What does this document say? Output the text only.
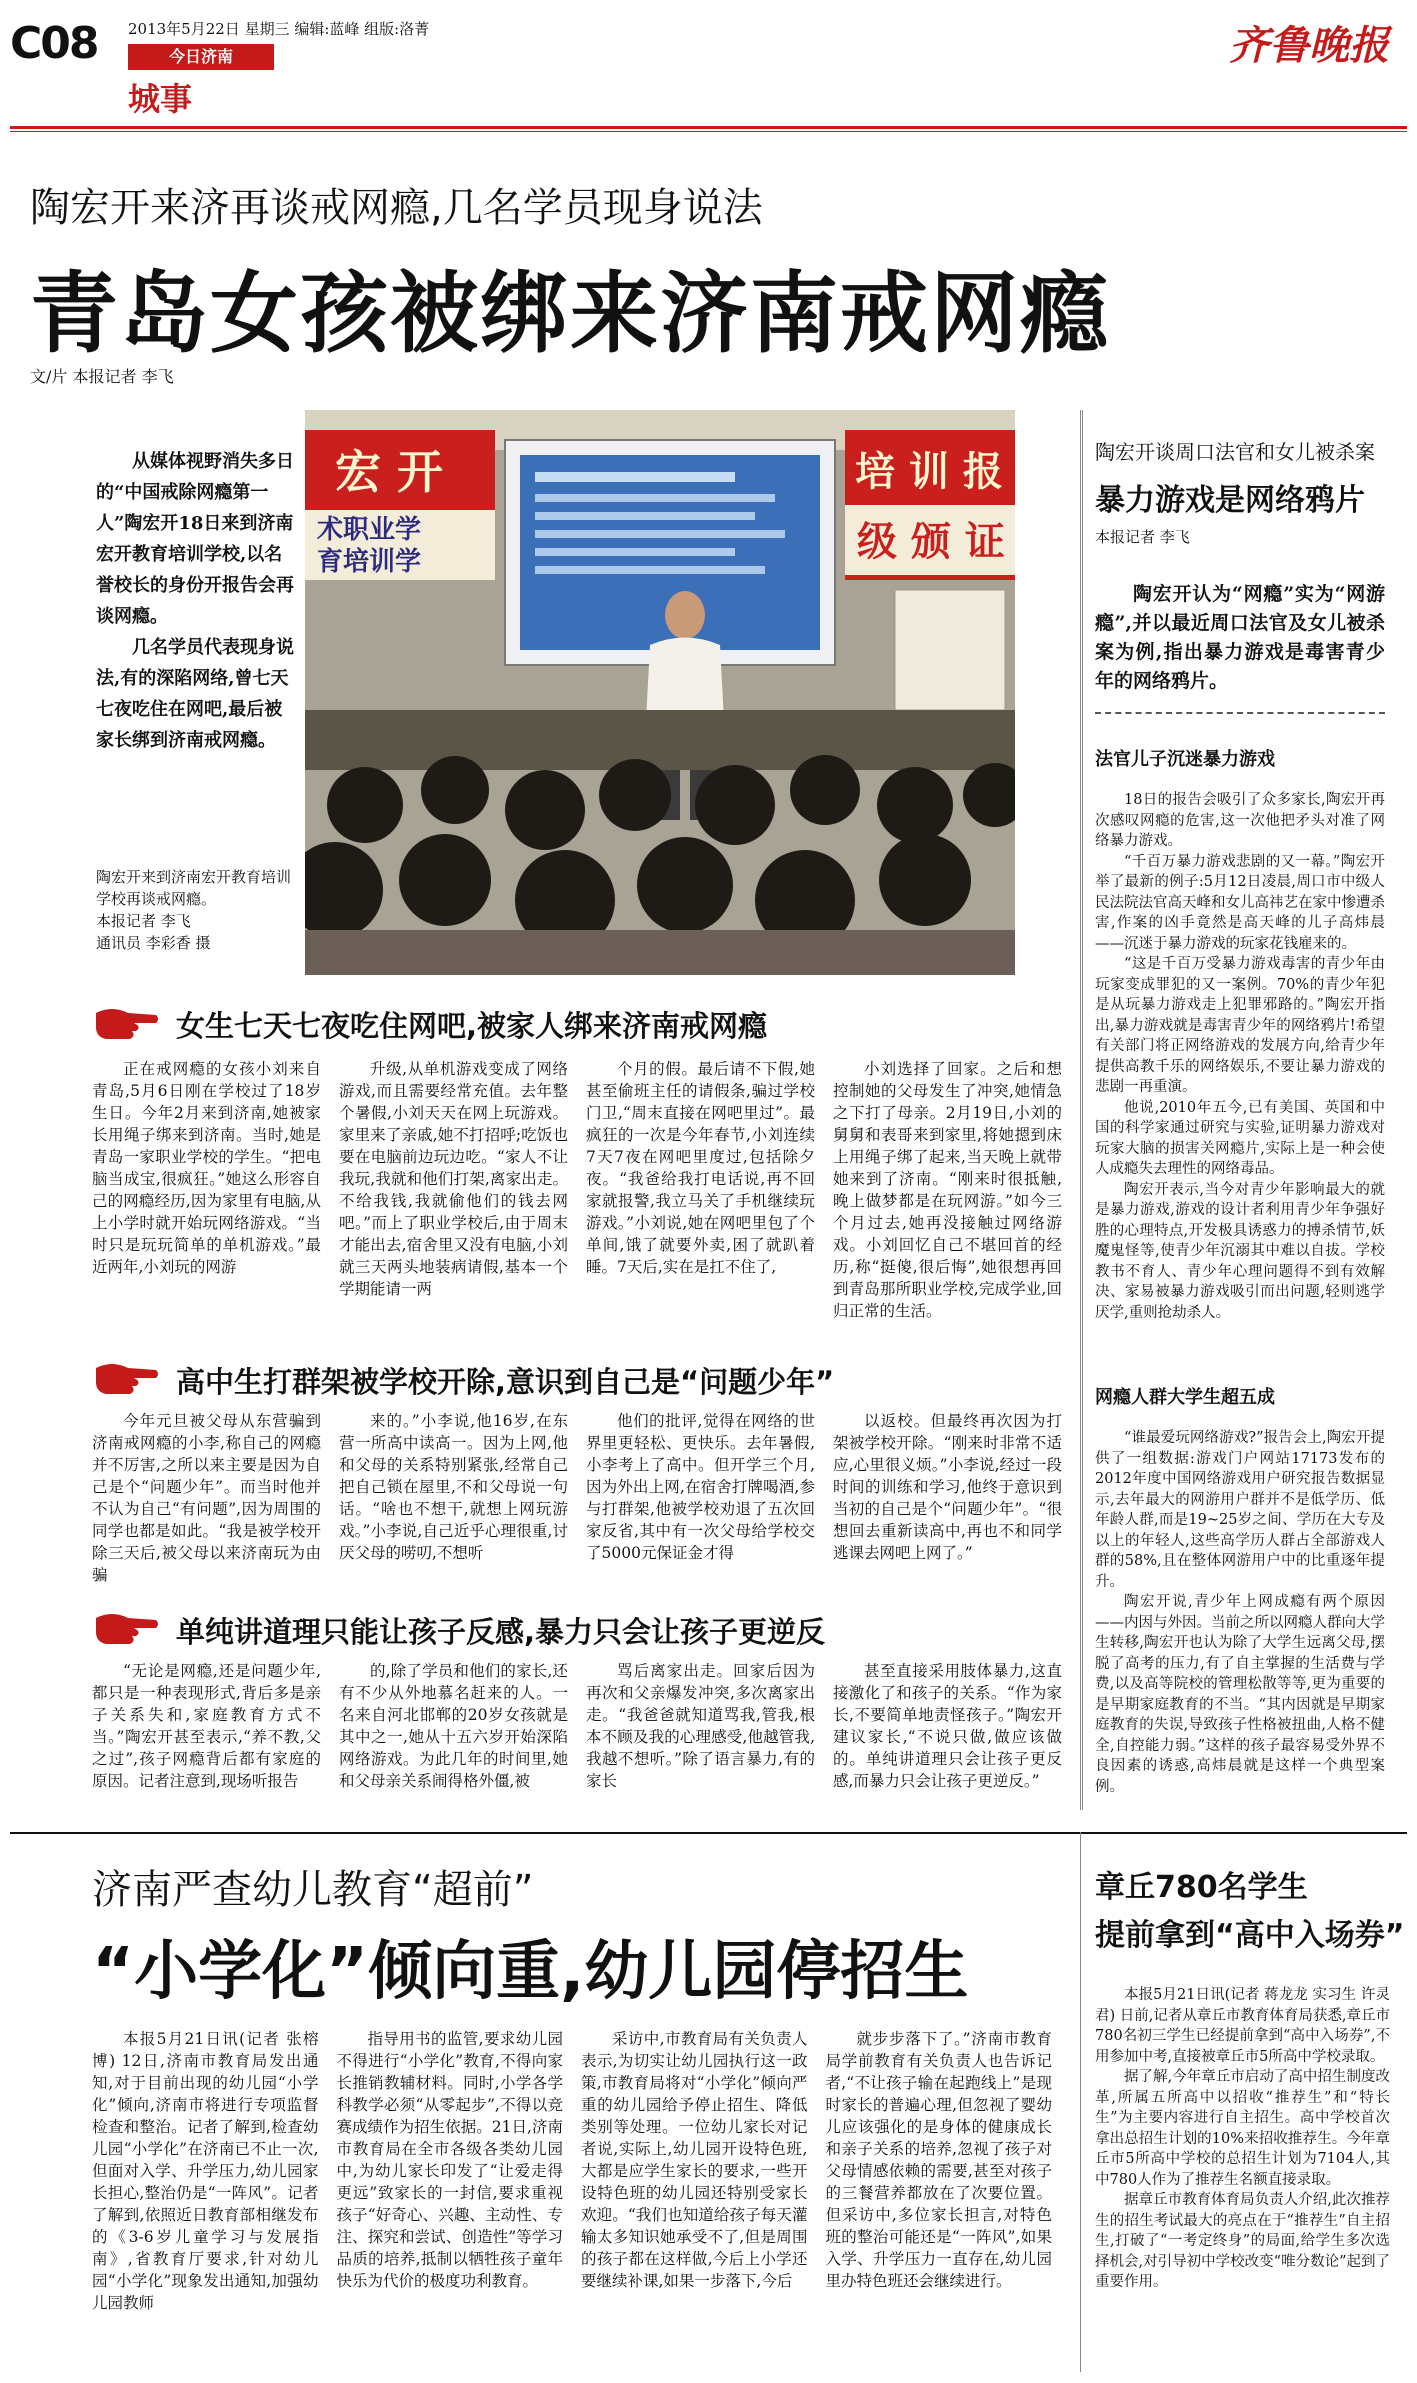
C08 2013年5月22日 星期三 编辑:蓝峰 组版:洛菁
今日济南
城事
齐鲁晚报
陶宏开来济再谈戒网瘾,几名学员现身说法
青岛女孩被绑来济南戒网瘾
文/片 本报记者 李飞

从媒体视野消失多日的“中国戒除网瘾第一人”陶宏开18日来到济南宏开教育培训学校,以名誉校长的身份开报告会再谈网瘾。

几名学员代表现身说法,有的深陷网络,曾七天七夜吃住在网吧,最后被家长绑到济南戒网瘾。

陶宏开来到济南宏开教育培训学校再谈戒网瘾。

本报记者 李飞

通讯员 李彩香 摄

宏 开
术职业学
育培训学
培 训 报
级 颁 证
女生七天七夜吃住网吧,被家人绑来济南戒网瘾

正在戒网瘾的女孩小刘来自青岛,5月6日刚在学校过了18岁生日。今年2月来到济南,她被家长用绳子绑来到济南。当时,她是青岛一家职业学校的学生。“把电脑当成宝,很疯狂。”她这么形容自己的网瘾经历,因为家里有电脑,从上小学时就开始玩网络游戏。“当时只是玩玩简单的单机游戏。”最近两年,小刘玩的网游

升级,从单机游戏变成了网络游戏,而且需要经常充值。去年整个暑假,小刘天天在网上玩游戏。家里来了亲戚,她不打招呼;吃饭也要在电脑前边玩边吃。“家人不让我玩,我就和他们打架,离家出走。不给我钱,我就偷他们的钱去网吧。”而上了职业学校后,由于周末才能出去,宿舍里又没有电脑,小刘就三天两头地装病请假,基本一个学期能请一两

个月的假。最后请不下假,她甚至偷班主任的请假条,骗过学校门卫,“周末直接在网吧里过”。最疯狂的一次是今年春节,小刘连续7天7夜在网吧里度过,包括除夕夜。“我爸给我打电话说,再不回家就报警,我立马关了手机继续玩游戏。”小刘说,她在网吧里包了个单间,饿了就要外卖,困了就趴着睡。7天后,实在是扛不住了,

小刘选择了回家。之后和想控制她的父母发生了冲突,她情急之下打了母亲。2月19日,小刘的舅舅和表哥来到家里,将她摁到床上用绳子绑了起来,当天晚上就带她来到了济南。“刚来时很抵触,晚上做梦都是在玩网游。”如今三个月过去,她再没接触过网络游戏。小刘回忆自己不堪回首的经历,称“挺傻,很后悔”,她很想再回到青岛那所职业学校,完成学业,回归正常的生活。

高中生打群架被学校开除,意识到自己是“问题少年”

今年元旦被父母从东营骗到济南戒网瘾的小李,称自己的网瘾并不厉害,之所以来主要是因为自己是个“问题少年”。而当时他并不认为自己“有问题”,因为周围的同学也都是如此。“我是被学校开除三天后,被父母以来济南玩为由骗

来的。”小李说,他16岁,在东营一所高中读高一。因为上网,他和父母的关系特别紧张,经常自己把自己锁在屋里,不和父母说一句话。“啥也不想干,就想上网玩游戏。”小李说,自己近乎心理很重,讨厌父母的唠叨,不想听

他们的批评,觉得在网络的世界里更轻松、更快乐。去年暑假,小李考上了高中。但开学三个月,因为外出上网,在宿舍打牌喝酒,参与打群架,他被学校劝退了五次回家反省,其中有一次父母给学校交了5000元保证金才得

以返校。但最终再次因为打架被学校开除。“刚来时非常不适应,心里很义烦。”小李说,经过一段时间的训练和学习,他终于意识到当初的自己是个“问题少年”。“很想回去重新读高中,再也不和同学逃课去网吧上网了。”

单纯讲道理只能让孩子反感,暴力只会让孩子更逆反

“无论是网瘾,还是问题少年,都只是一种表现形式,背后多是亲子关系失和,家庭教育方式不当。”陶宏开甚至表示,“养不教,父之过”,孩子网瘾背后都有家庭的原因。记者注意到,现场听报告

的,除了学员和他们的家长,还有不少从外地慕名赶来的人。一名来自河北邯郸的20岁女孩就是其中之一,她从十五六岁开始深陷网络游戏。为此几年的时间里,她和父母亲关系闹得格外僵,被

骂后离家出走。回家后因为再次和父亲爆发冲突,多次离家出走。“我爸爸就知道骂我,管我,根本不顾及我的心理感受,他越管我,我越不想听。”除了语言暴力,有的家长

甚至直接采用肢体暴力,这直接激化了和孩子的关系。“作为家长,不要简单地责怪孩子。”陶宏开建议家长,“不说只做,做应该做的。单纯讲道理只会让孩子更反感,而暴力只会让孩子更逆反。”

陶宏开谈周口法官和女儿被杀案
暴力游戏是网络鸦片
本报记者 李飞

陶宏开认为“网瘾”实为“网游瘾”,并以最近周口法官及女儿被杀案为例,指出暴力游戏是毒害青少年的网络鸦片。

法官儿子沉迷暴力游戏

18日的报告会吸引了众多家长,陶宏开再次感叹网瘾的危害,这一次他把矛头对准了网络暴力游戏。

“千百万暴力游戏悲剧的又一幕。”陶宏开举了最新的例子:5月12日凌晨,周口市中级人民法院法官高天峰和女儿高祎艺在家中惨遭杀害,作案的凶手竟然是高天峰的儿子高炜晨——沉迷于暴力游戏的玩家花钱雇来的。

“这是千百万受暴力游戏毒害的青少年由玩家变成罪犯的又一案例。70%的青少年犯是从玩暴力游戏走上犯罪邪路的。”陶宏开指出,暴力游戏就是毒害青少年的网络鸦片!希望有关部门将正网络游戏的发展方向,给青少年提供高教千乐的网络娱乐,不要让暴力游戏的悲剧一再重演。

他说,2010年五今,已有美国、英国和中国的科学家通过研究与实验,证明暴力游戏对玩家大脑的损害关网瘾片,实际上是一种会使人成瘾失去理性的网络毒品。

陶宏开表示,当今对青少年影响最大的就是暴力游戏,游戏的设计者利用青少年争强好胜的心理特点,开发极具诱惑力的搏杀情节,妖魔鬼怪等,使青少年沉溺其中难以自拔。学校教书不育人、青少年心理问题得不到有效解决、家易被暴力游戏吸引而出问题,轻则逃学厌学,重则抢劫杀人。

网瘾人群大学生超五成

“谁最爱玩网络游戏?”报告会上,陶宏开提供了一组数据:游戏门户网站17173发布的2012年度中国网络游戏用户研究报告数据显示,去年最大的网游用户群并不是低学历、低年龄人群,而是19~25岁之间、学历在大专及以上的年轻人,这些高学历人群占全部游戏人群的58%,且在整体网游用户中的比重逐年提升。

陶宏开说,青少年上网成瘾有两个原因——内因与外因。当前之所以网瘾人群向大学生转移,陶宏开也认为除了大学生远离父母,摆脱了高考的压力,有了自主掌握的生活费与学费,以及高等院校的管理松散等等,更为重要的是早期家庭教育的不当。“其内因就是早期家庭教育的失误,导致孩子性格被扭曲,人格不健全,自控能力弱。”这样的孩子最容易受外界不良因素的诱惑,高炜晨就是这样一个典型案例。

济南严查幼儿教育“超前”
“小学化”倾向重,幼儿园停招生

本报5月21日讯(记者 张榕博) 12日,济南市教育局发出通知,对于目前出现的幼儿园“小学化”倾向,济南市将进行专项监督检查和整治。记者了解到,检查幼儿园“小学化”在济南已不止一次,但面对入学、升学压力,幼儿园家长担心,整治仍是“一阵风”。记者了解到,依照近日教育部相继发布的《3-6岁儿童学习与发展指南》,省教育厅要求,针对幼儿园“小学化”现象发出通知,加强幼儿园教师

指导用书的监管,要求幼儿园不得进行“小学化”教育,不得向家长推销教辅材料。同时,小学各学科教学必须“从零起步”,不得以竞赛成绩作为招生依据。21日,济南市教育局在全市各级各类幼儿园中,为幼儿家长印发了“让爱走得更远”致家长的一封信,要求重视孩子“好奇心、兴趣、主动性、专注、探究和尝试、创造性”等学习品质的培养,抵制以牺牲孩子童年快乐为代价的极度功利教育。

采访中,市教育局有关负责人表示,为切实让幼儿园执行这一政策,市教育局将对“小学化”倾向严重的幼儿园给予停止招生、降低类别等处理。一位幼儿家长对记者说,实际上,幼儿园开设特色班,大都是应学生家长的要求,一些开设特色班的幼儿园还特别受家长欢迎。“我们也知道给孩子每天灌输太多知识她承受不了,但是周围的孩子都在这样做,今后上小学还要继续补课,如果一步落下,今后

就步步落下了。”济南市教育局学前教育有关负责人也告诉记者,“不让孩子输在起跑线上”是现时家长的普遍心理,但忽视了婴幼儿应该强化的是身体的健康成长和亲子关系的培养,忽视了孩子对父母情感依赖的需要,甚至对孩子的三餐营养都放在了次要位置。但采访中,多位家长担言,对特色班的整治可能还是“一阵风”,如果入学、升学压力一直存在,幼儿园里办特色班还会继续进行。

章丘780名学生
提前拿到“高中入场券”

本报5月21日讯(记者 蒋龙龙 实习生 许灵君) 日前,记者从章丘市教育体育局获悉,章丘市780名初三学生已经提前拿到“高中入场券”,不用参加中考,直接被章丘市5所高中学校录取。

据了解,今年章丘市启动了高中招生制度改革,所属五所高中以招收“推荐生”和“特长生”为主要内容进行自主招生。高中学校首次拿出总招生计划的10%来招收推荐生。今年章丘市5所高中学校的总招生计划为7104人,其中780人作为了推荐生名额直接录取。

据章丘市教育体育局负责人介绍,此次推荐生的招生考试最大的亮点在于“推荐生”自主招生,打破了“一考定终身”的局面,给学生多次选择机会,对引导初中学校改变“唯分数论”起到了重要作用。
